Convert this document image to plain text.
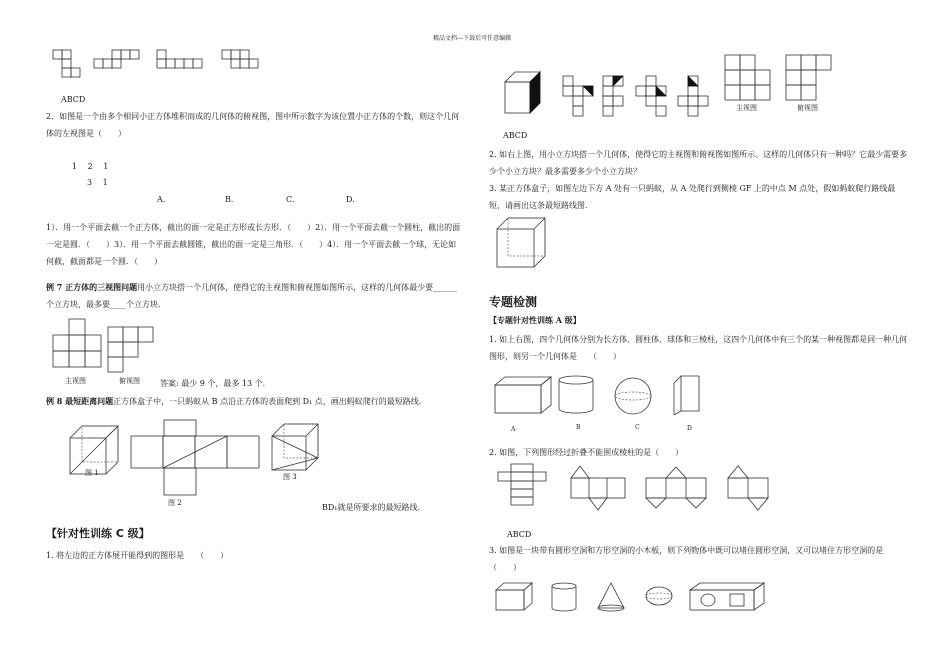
精品文档---下载后可任意编辑
ABCD
2．如图是一个由多个相同小正方体堆积而成的几何体的俯视图，图中所示数字为该位置小正方体的个数，则这个几何体的左视图是（　　）
1　 2　 1
3　 1
A．	B．	C．	D．
1）．用一个平面去截一个正方体，截出的面一定是正方形或长方形．（　　）2）．用一个平面去截一个圆柱，截出的面一定是圆．（　　）3）．用一个平面去截圆锥，截出的面一定是三角形．（　　）4）．用一个平面去截一个球，无论如何截，截面都是一个圆．（　　）
例 7 正方体的三视图问题用小立方块搭一个几何体，使得它的主视图和俯视图如图所示，这样的几何体最少要______个立方块，最多要____个立方块.
主视图	俯视图	答案: 最少 9 个，最多 13 个.
例 8 最短距离问题正方体盒子中，一只蚂蚁从 B 点沿正方体的表面爬到 D₁ 点，画出蚂蚁爬行的最短路线.
图 1
图 2
图 3
BD₁就是所要求的最短路线.
【针对性训练 C 级】
1. 将左边的正方体展开能得到的图形是　　（　　）
ABCD
主视图	俯视图
2. 如右上图，用小立方块搭一个几何体，使得它的主视图和俯视图如图所示。这样的几何体只有一种吗？它最少需要多少个小立方块？最多需要多少个小立方块？
3. 某正方体盒子，如图左边下方 A 处有一只蚂蚁，从 A 处爬行到侧棱 GF 上的中点 M 点处，假如蚂蚁爬行路线最短，请画出这条最短路线图.
专题检测
【专题针对性训练 A 级】
1. 如上右图，四个几何体分别为长方体、圆柱体、球体和三棱柱，这四个几何体中有三个的某一种视图都是同一种几何图形，则另一个几何体是　　（　　）
A	B	C	D
2. 如图，下列图形经过折叠不能围成棱柱的是（　　）
ABCD
3. 如图是一块带有圆形空洞和方形空洞的小木板，则下列物体中既可以堵住圆形空洞，又可以堵住方形空洞的是（　　）
